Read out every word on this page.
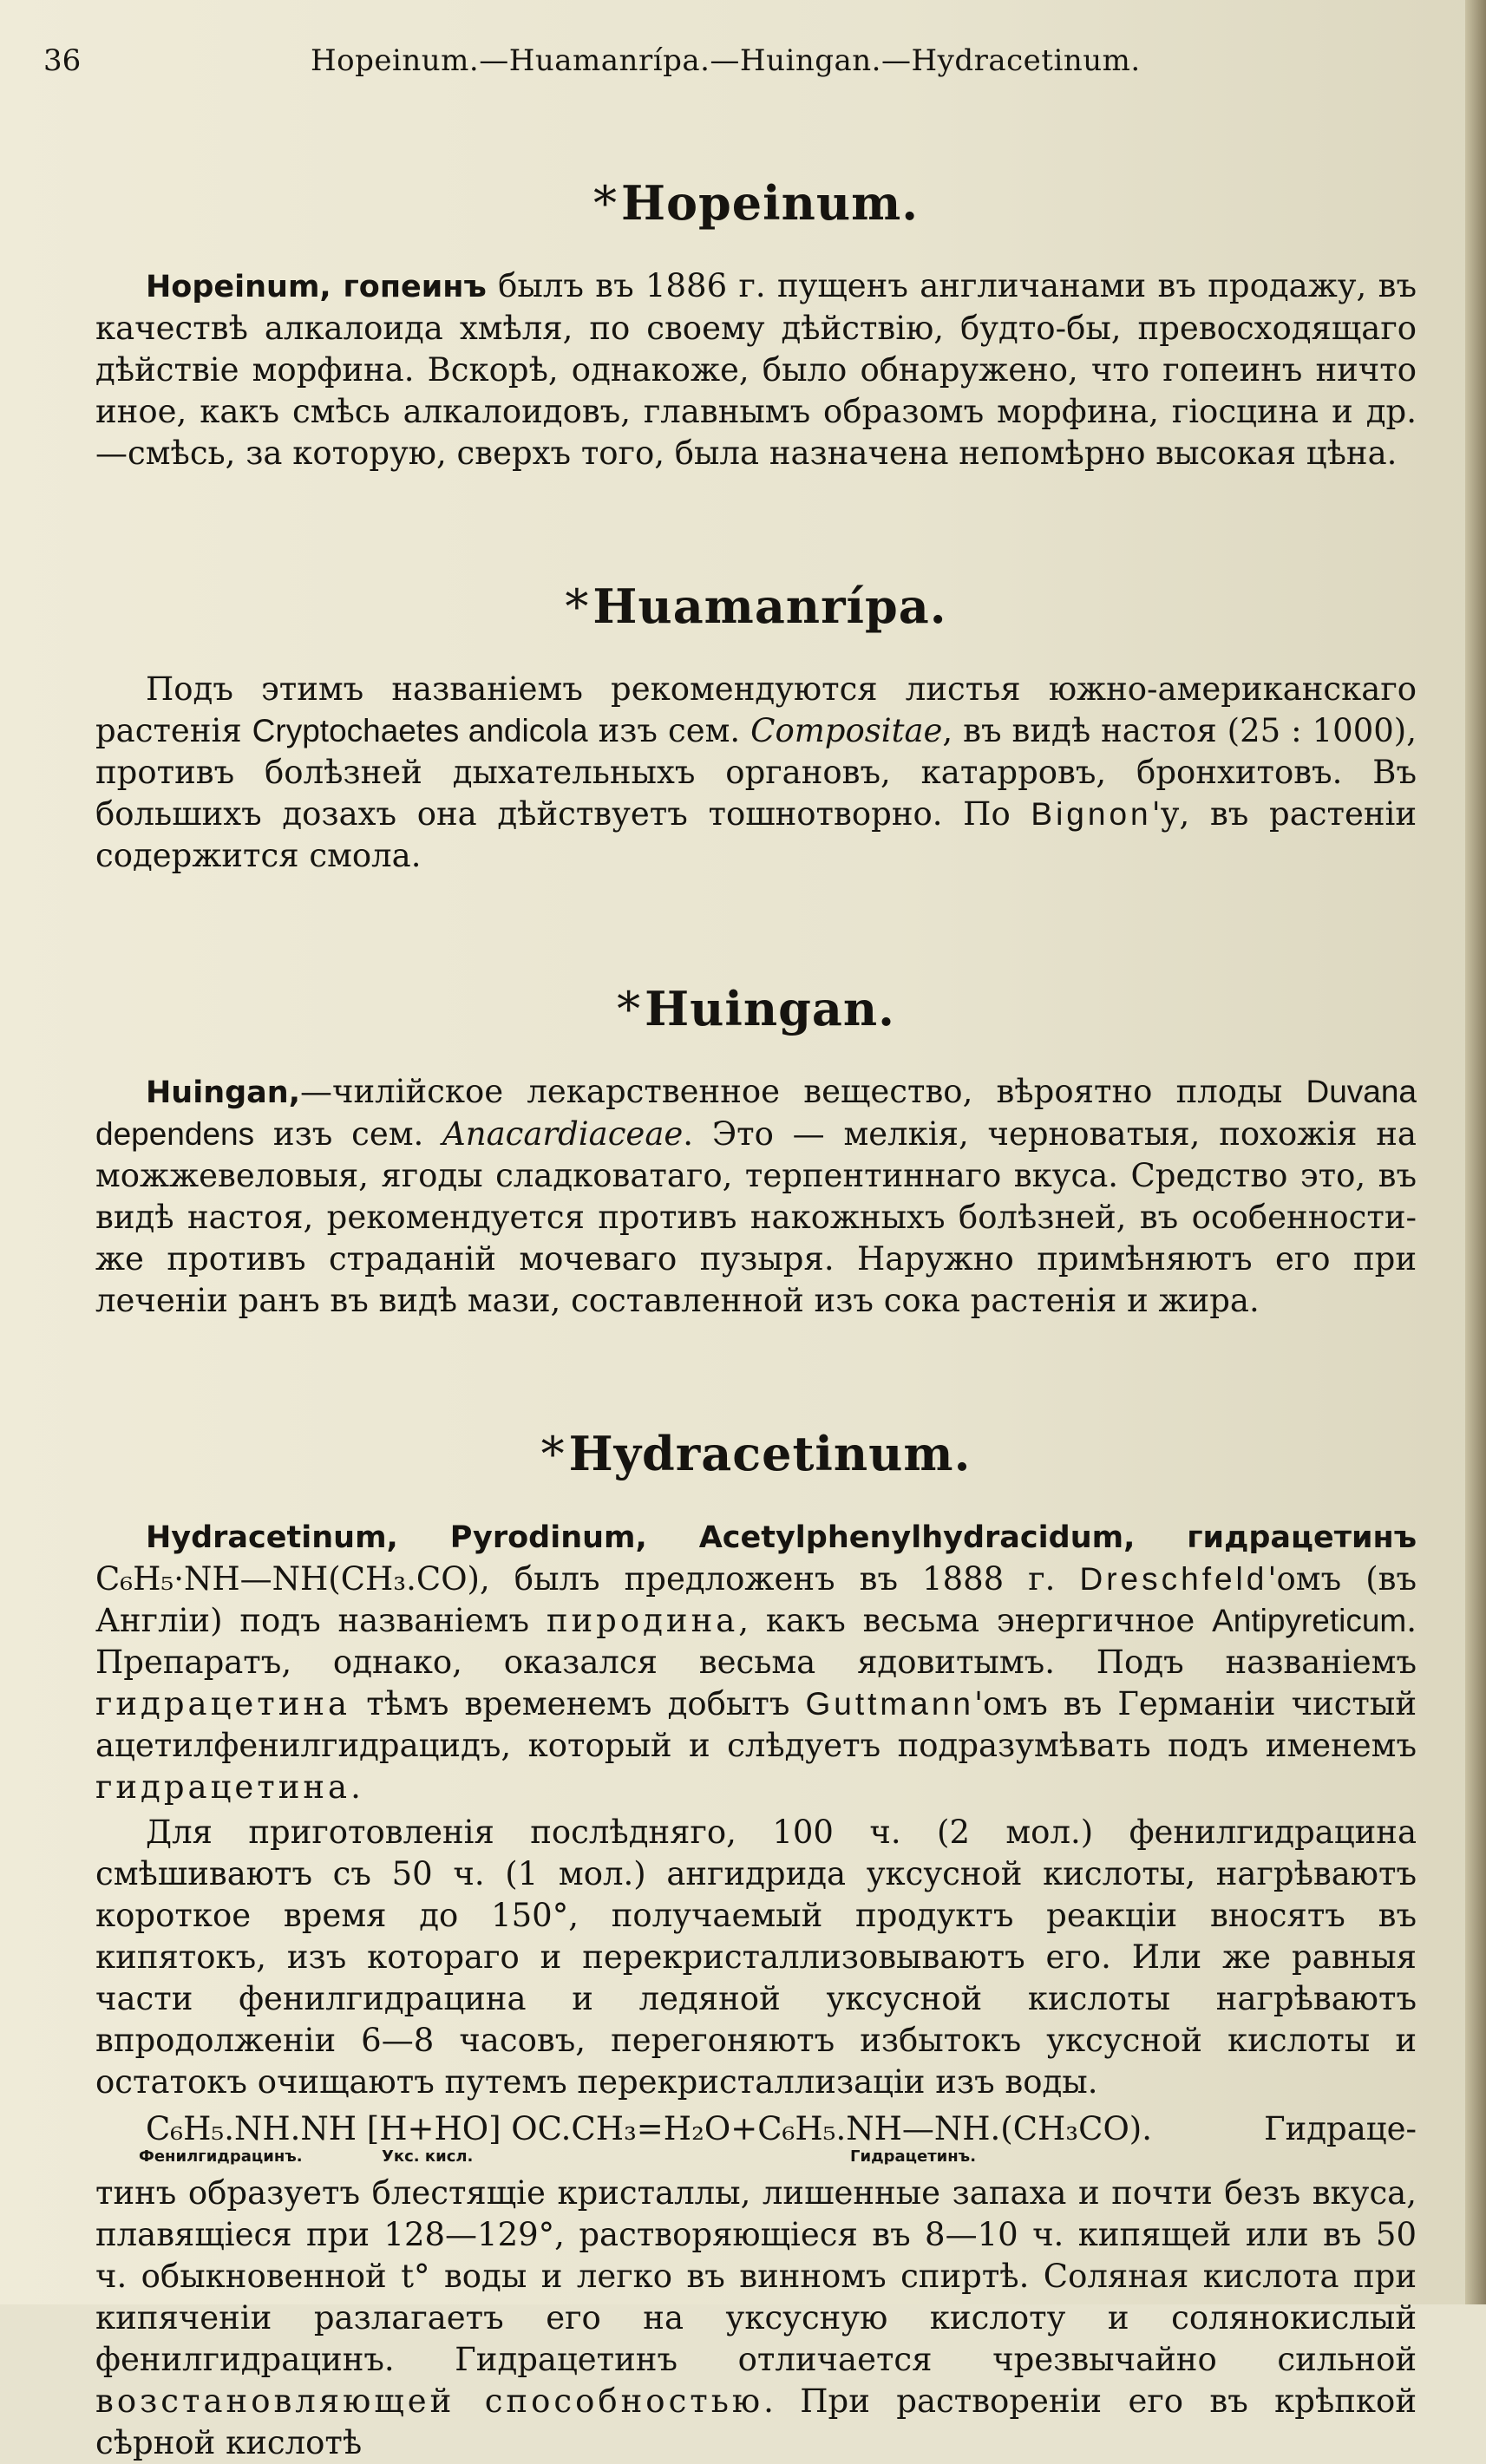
36	Hopeinum.—Huamanrípa.—Huingan.—Hydracetinum.
*Hopeinum.

Hopeinum, гопеинъ былъ въ 1886 г. пущенъ англичанами въ продажу, въ качествѣ алкалоида хмѣля, по своему дѣйствію, будто-бы, превосходящаго дѣйствіе морфина. Вскорѣ, однакоже, было обнаружено, что гопеинъ ничто иное, какъ смѣсь алкалоидовъ, главнымъ образомъ морфина, гіосцина и др.—смѣсь, за которую, сверхъ того, была назначена непомѣрно высокая цѣна.

*Huamanrípa.

Подъ этимъ названіемъ рекомендуются листья южно-американскаго растенія Cryptochaetes andicola изъ сем. Compositae, въ видѣ настоя (25 : 1000), противъ болѣзней дыхательныхъ органовъ, катарровъ, бронхитовъ. Въ большихъ дозахъ она дѣйствуетъ тошнотворно. По Bignon'у, въ растеніи содержится смола.

*Huingan.

Huingan,—чилійское лекарственное вещество, вѣроятно плоды Duvana dependens изъ сем. Anacardiaceae. Это — мелкія, черноватыя, похожія на можжевеловыя, ягоды сладковатаго, терпентиннаго вкуса. Средство это, въ видѣ настоя, рекомендуется противъ накожныхъ болѣзней, въ особенности-же противъ страданій мочеваго пузыря. Наружно примѣняютъ его при леченіи ранъ въ видѣ мази, составленной изъ сока растенія и жира.

*Hydracetinum.

Hydracetinum, Pyrodinum, Acetylphenylhydracidum, гидрацетинъ C₆H₅·NH—NH(CH₃.CO), былъ предложенъ въ 1888 г. Dreschfeld'омъ (въ Англіи) подъ названіемъ пиродина, какъ весьма энергичное Antipyreticum. Препаратъ, однако, оказался весьма ядовитымъ. Подъ названіемъ гидрацетина тѣмъ временемъ добытъ Guttmann'омъ въ Германіи чистый ацетилфенилгидрацидъ, который и слѣдуетъ подразумѣвать подъ именемъ гидрацетина.

Для приготовленія послѣдняго, 100 ч. (2 мол.) фенилгидрацина смѣшиваютъ съ 50 ч. (1 мол.) ангидрида уксусной кислоты, нагрѣваютъ короткое время до 150°, получаемый продуктъ реакціи вносятъ въ кипятокъ, изъ котораго и перекристаллизовываютъ его. Или же равныя части фенилгидрацина и ледяной уксусной кислоты нагрѣваютъ впродолженіи 6—8 часовъ, перегоняютъ избытокъ уксусной кислоты и остатокъ очищаютъ путемъ перекристаллизаціи изъ воды.

C₆H₅.NH.NH [H+HO] OC.CH₃=H₂O+C₆H₅.NH—NH.(CH₃CO).	Гидраце-
Фенилгидрацинъ.	Укс. кисл.	Гидрацетинъ.

тинъ образуетъ блестящіе кристаллы, лишенные запаха и почти безъ вкуса, плавящіеся при 128—129°, растворяющіеся въ 8—10 ч. кипящей или въ 50 ч. обыкновенной t° воды и легко въ винномъ спиртѣ. Соляная кислота при кипяченіи разлагаетъ его на уксусную кислоту и солянокислый фенилгидрацинъ. Гидрацетинъ отличается чрезвычайно сильной возстановляющей способностью. При раствореніи его въ крѣпкой сѣрной кислотѣ
